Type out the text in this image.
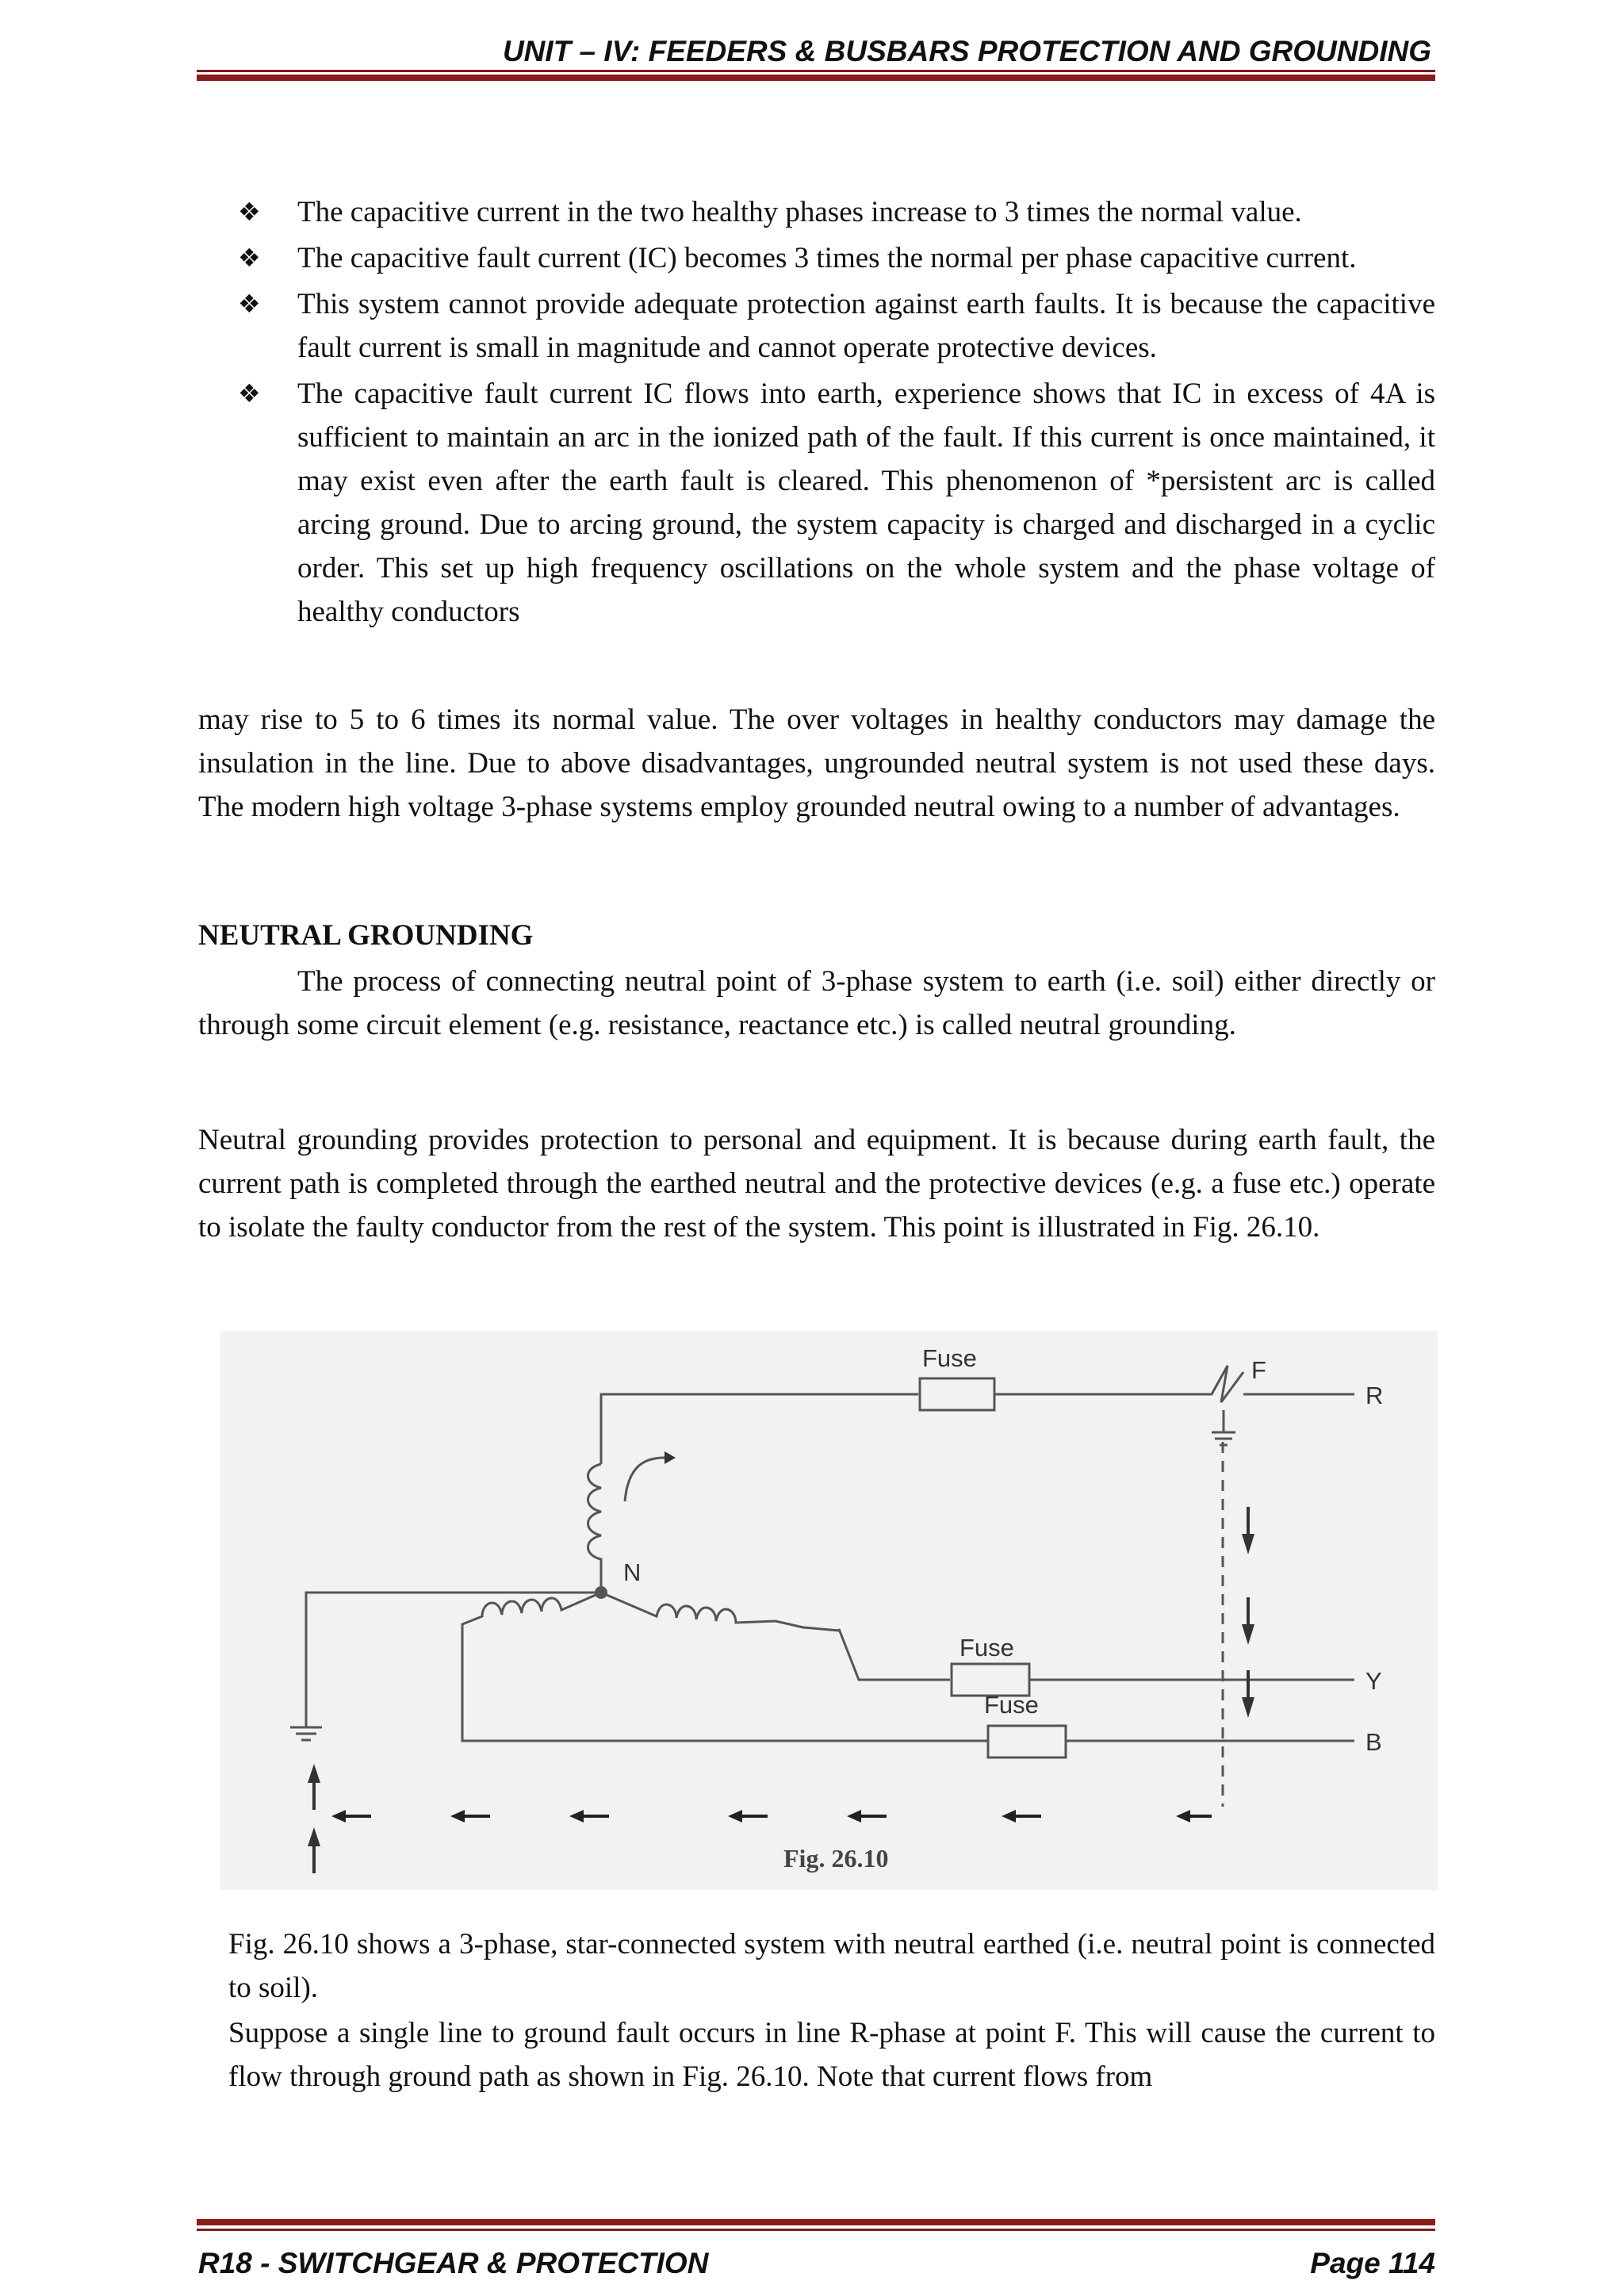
UNIT – IV: FEEDERS & BUSBARS PROTECTION AND GROUNDING
❖ The capacitive current in the two healthy phases increase to 3 times the normal value.
❖ The capacitive fault current (IC) becomes 3 times the normal per phase capacitive current.
❖ This system cannot provide adequate protection against earth faults. It is because the capacitive fault current is small in magnitude and cannot operate protective devices.
❖ The capacitive fault current IC flows into earth, experience shows that IC in excess of 4A is sufficient to maintain an arc in the ionized path of the fault. If this current is once maintained, it may exist even after the earth fault is cleared. This phenomenon of *persistent arc is called arcing ground. Due to arcing ground, the system capacity is charged and discharged in a cyclic order. This set up high frequency oscillations on the whole system and the phase voltage of healthy conductors

may rise to 5 to 6 times its normal value. The over voltages in healthy conductors may damage the insulation in the line. Due to above disadvantages, ungrounded neutral system is not used these days. The modern high voltage 3-phase systems employ grounded neutral owing to a number of advantages.

NEUTRAL GROUNDING

The process of connecting neutral point of 3-phase system to earth (i.e. soil) either directly or through some circuit element (e.g. resistance, reactance etc.) is called neutral grounding.

Neutral grounding provides protection to personal and equipment. It is because during earth fault, the current path is completed through the earthed neutral and the protective devices (e.g. a fuse etc.) operate to isolate the faulty conductor from the rest of the system. This point is illustrated in Fig. 26.10.

Fuse
Fuse
Fuse
N
F
R
Y
B
Fig. 26.10

Fig. 26.10 shows a 3-phase, star-connected system with neutral earthed (i.e. neutral point is connected to soil).

Suppose a single line to ground fault occurs in line R-phase at point F. This will cause the current to flow through ground path as shown in Fig. 26.10. Note that current flows from

R18 - SWITCHGEAR & PROTECTION	Page 114
